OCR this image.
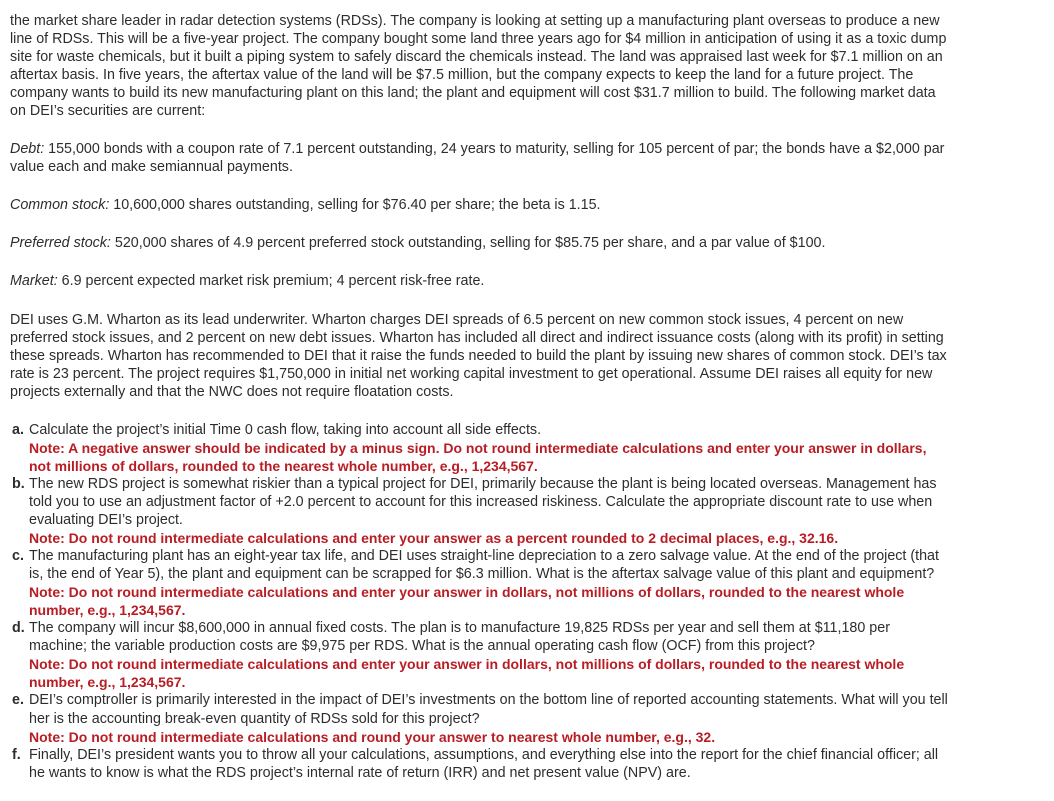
the market share leader in radar detection systems (RDSs). The company is looking at setting up a manufacturing plant overseas to produce a new line of RDSs. This will be a five-year project. The company bought some land three years ago for $4 million in anticipation of using it as a toxic dump site for waste chemicals, but it built a piping system to safely discard the chemicals instead. The land was appraised last week for $7.1 million on an aftertax basis. In five years, the aftertax value of the land will be $7.5 million, but the company expects to keep the land for a future project. The company wants to build its new manufacturing plant on this land; the plant and equipment will cost $31.7 million to build. The following market data on DEI’s securities are current:

Debt: 155,000 bonds with a coupon rate of 7.1 percent outstanding, 24 years to maturity, selling for 105 percent of par; the bonds have a $2,000 par value each and make semiannual payments.

Common stock: 10,600,000 shares outstanding, selling for $76.40 per share; the beta is 1.15.

Preferred stock: 520,000 shares of 4.9 percent preferred stock outstanding, selling for $85.75 per share, and a par value of $100.

Market: 6.9 percent expected market risk premium; 4 percent risk-free rate.

DEI uses G.M. Wharton as its lead underwriter. Wharton charges DEI spreads of 6.5 percent on new common stock issues, 4 percent on new preferred stock issues, and 2 percent on new debt issues. Wharton has included all direct and indirect issuance costs (along with its profit) in setting these spreads. Wharton has recommended to DEI that it raise the funds needed to build the plant by issuing new shares of common stock. DEI’s tax rate is 23 percent. The project requires $1,750,000 in initial net working capital investment to get operational. Assume DEI raises all equity for new projects externally and that the NWC does not require floatation costs.

a. Calculate the project’s initial Time 0 cash flow, taking into account all side effects.
Note: A negative answer should be indicated by a minus sign. Do not round intermediate calculations and enter your answer in dollars, not millions of dollars, rounded to the nearest whole number, e.g., 1,234,567.
b. The new RDS project is somewhat riskier than a typical project for DEI, primarily because the plant is being located overseas. Management has told you to use an adjustment factor of +2.0 percent to account for this increased riskiness. Calculate the appropriate discount rate to use when evaluating DEI’s project.
Note: Do not round intermediate calculations and enter your answer as a percent rounded to 2 decimal places, e.g., 32.16.
c. The manufacturing plant has an eight-year tax life, and DEI uses straight-line depreciation to a zero salvage value. At the end of the project (that is, the end of Year 5), the plant and equipment can be scrapped for $6.3 million. What is the aftertax salvage value of this plant and equipment?
Note: Do not round intermediate calculations and enter your answer in dollars, not millions of dollars, rounded to the nearest whole number, e.g., 1,234,567.
d. The company will incur $8,600,000 in annual fixed costs. The plan is to manufacture 19,825 RDSs per year and sell them at $11,180 per machine; the variable production costs are $9,975 per RDS. What is the annual operating cash flow (OCF) from this project?
Note: Do not round intermediate calculations and enter your answer in dollars, not millions of dollars, rounded to the nearest whole number, e.g., 1,234,567.
e. DEI’s comptroller is primarily interested in the impact of DEI’s investments on the bottom line of reported accounting statements. What will you tell her is the accounting break-even quantity of RDSs sold for this project?
Note: Do not round intermediate calculations and round your answer to nearest whole number, e.g., 32.
f. Finally, DEI’s president wants you to throw all your calculations, assumptions, and everything else into the report for the chief financial officer; all he wants to know is what the RDS project’s internal rate of return (IRR) and net present value (NPV) are.
